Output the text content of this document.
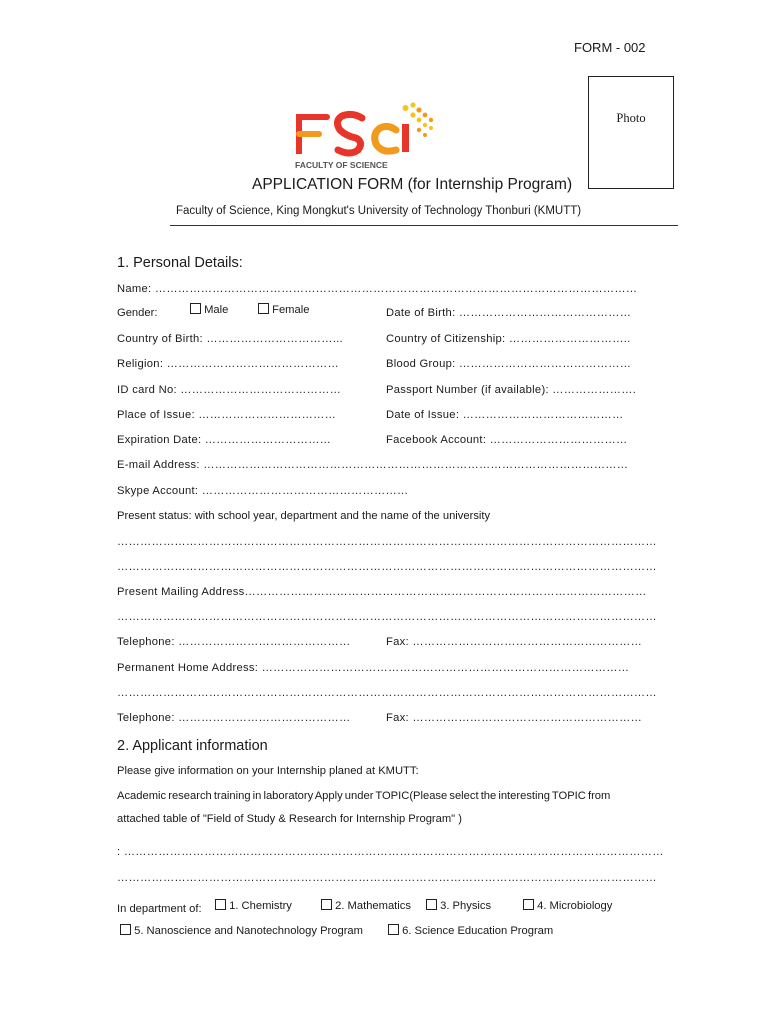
FORM - 002
Photo
FACULTY OF SCIENCE
APPLICATION FORM (for Internship Program)
Faculty of Science, King Mongkut's University of Technology Thonburi (KMUTT)
1. Personal Details:
Name: ………………………………………………………………………………………………………………
Gender:	Male	Female	Date of Birth: ………………………………………
Country of Birth: ……………………………...	Country of Citizenship: …………………………..
Religion: ………………………………………	Blood Group: ………………………………………
ID card No: ……………………………………	Passport Number (if available): ………………….
Place of Issue: ………………………………	Date of Issue: ……………………………………
Expiration Date: ……………………………	Facebook Account: ………………………………
E-mail Address: …………………………………………………………………………………………………
Skype Account: ………………………………………………
Present status: with school year, department and the name of the university
……………………………………………………………………………………………………………………………
……………………………………………………………………………………………………………………………
Present Mailing Address……………………………………………………………………………………………
……………………………………………………………………………………………………………………………
Telephone: ………………………………………	Fax: ……………………………………………………
Permanent Home Address: ……………………………………………………………………………………
……………………………………………………………………………………………………………………………
Telephone: ………………………………………	Fax: ……………………………………………………
2. Applicant information
Please give information on your Internship planed at KMUTT:
Academic research training in laboratory Apply under TOPIC(Please select the interesting TOPIC from
attached table of "Field of Study & Research for Internship Program" )
: ……………………………………………………………………………………………………………………………
……………………………………………………………………………………………………………………………
In department of:	1. Chemistry	2. Mathematics	3. Physics	4. Microbiology
5. Nanoscience and Nanotechnology Program	6. Science Education Program
